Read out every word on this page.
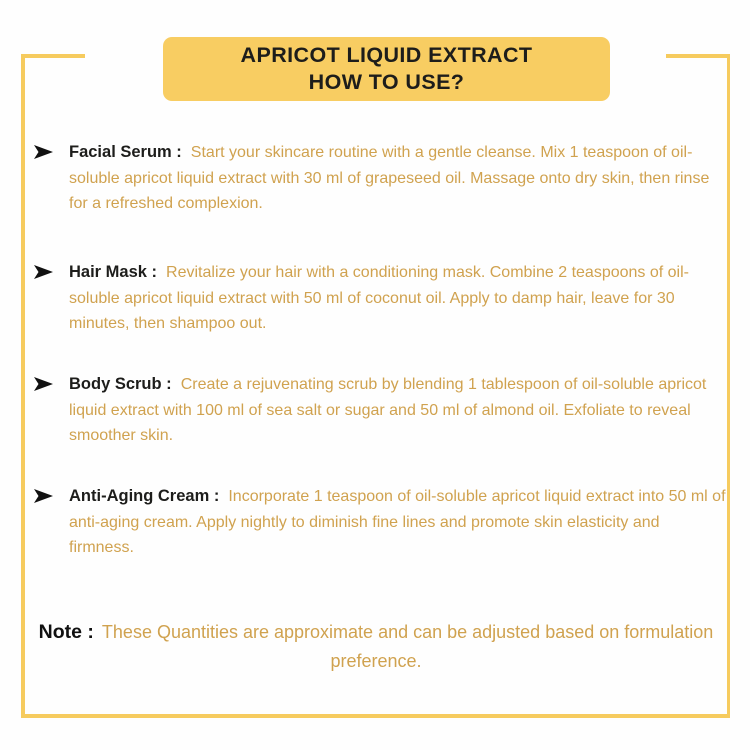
APRICOT LIQUID EXTRACT
HOW TO USE?

Facial Serum : Start your skincare routine with a gentle cleanse. Mix 1 teaspoon of oil-soluble apricot liquid extract with 30 ml of grapeseed oil. Massage onto dry skin, then rinse for a refreshed complexion.

Hair Mask : Revitalize your hair with a conditioning mask. Combine 2 teaspoons of oil-soluble apricot liquid extract with 50 ml of coconut oil. Apply to damp hair, leave for 30 minutes, then shampoo out.

Body Scrub : Create a rejuvenating scrub by blending 1 tablespoon of oil-soluble apricot liquid extract with 100 ml of sea salt or sugar and 50 ml of almond oil. Exfoliate to reveal smoother skin.

Anti-Aging Cream : Incorporate 1 teaspoon of oil-soluble apricot liquid extract into 50 ml of anti-aging cream. Apply nightly to diminish fine lines and promote skin elasticity and firmness.

Note : These Quantities are approximate and can be adjusted based on formulation preference.
